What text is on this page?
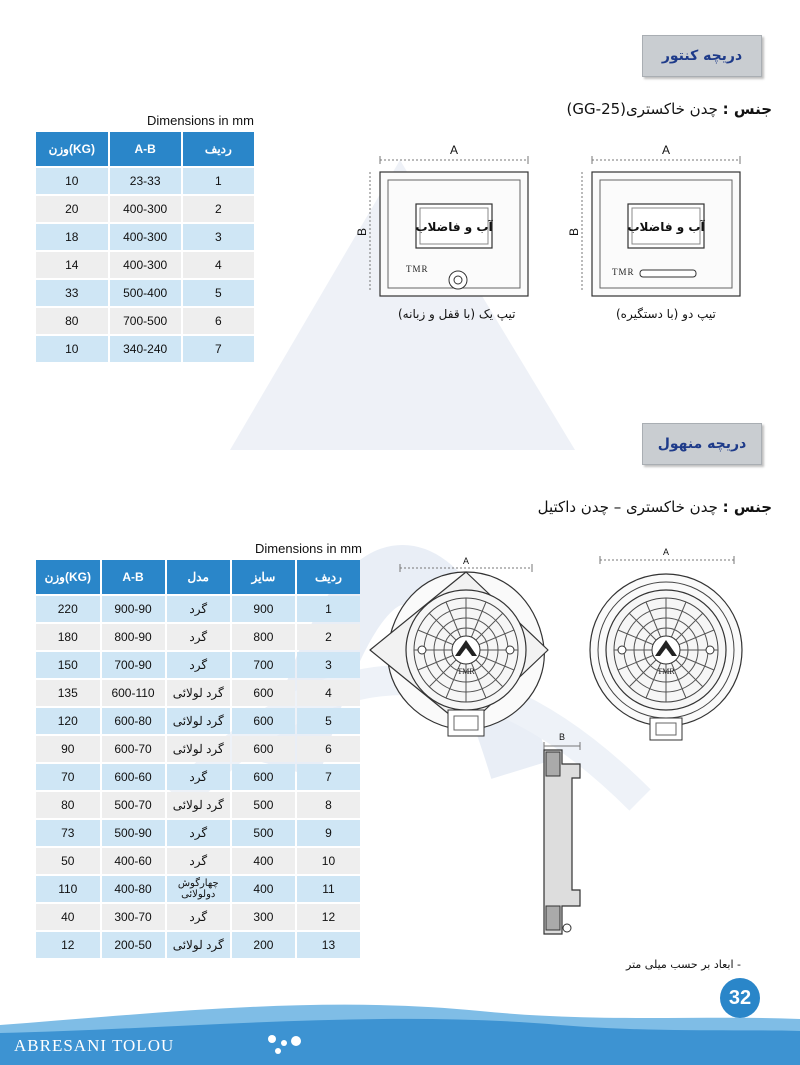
دریچه کنتور
جنس : چدن خاکستری(GG-25)
Dimensions in mm
وزن(KG)	A-B	ردیف
10	23-33	1
20	400-300	2
18	400-300	3
14	400-300	4
33	500-400	5
80	700-500	6
10	340-240	7
A
B	آب و فاضلاب
TMR
تیپ یک (با قفل و زبانه)
A
B	آب و فاضلاب
TMR
تیپ دو (با دستگیره)
دریچه منهول
جنس : چدن خاکستری – چدن داکتیل
Dimensions in mm
وزن(KG)	A-B	مدل	سایز	ردیف
220	900-90	گرد	900	1
180	800-90	گرد	800	2
150	700-90	گرد	700	3
135	600-110	گرد لولائی	600	4
120	600-80	گرد لولائی	600	5
90	600-70	گرد لولائی	600	6
70	600-60	گرد	600	7
80	500-70	گرد لولائی	500	8
73	500-90	گرد	500	9
50	400-60	گرد	400	10
110	400-80	چهارگوش دولولائی	400	11
40	300-70	گرد	300	12
12	200-50	گرد لولائی	200	13
A
TMR
A
TMR
B
- ابعاد بر حسب میلی متر
32
ABRESANI TOLOU
